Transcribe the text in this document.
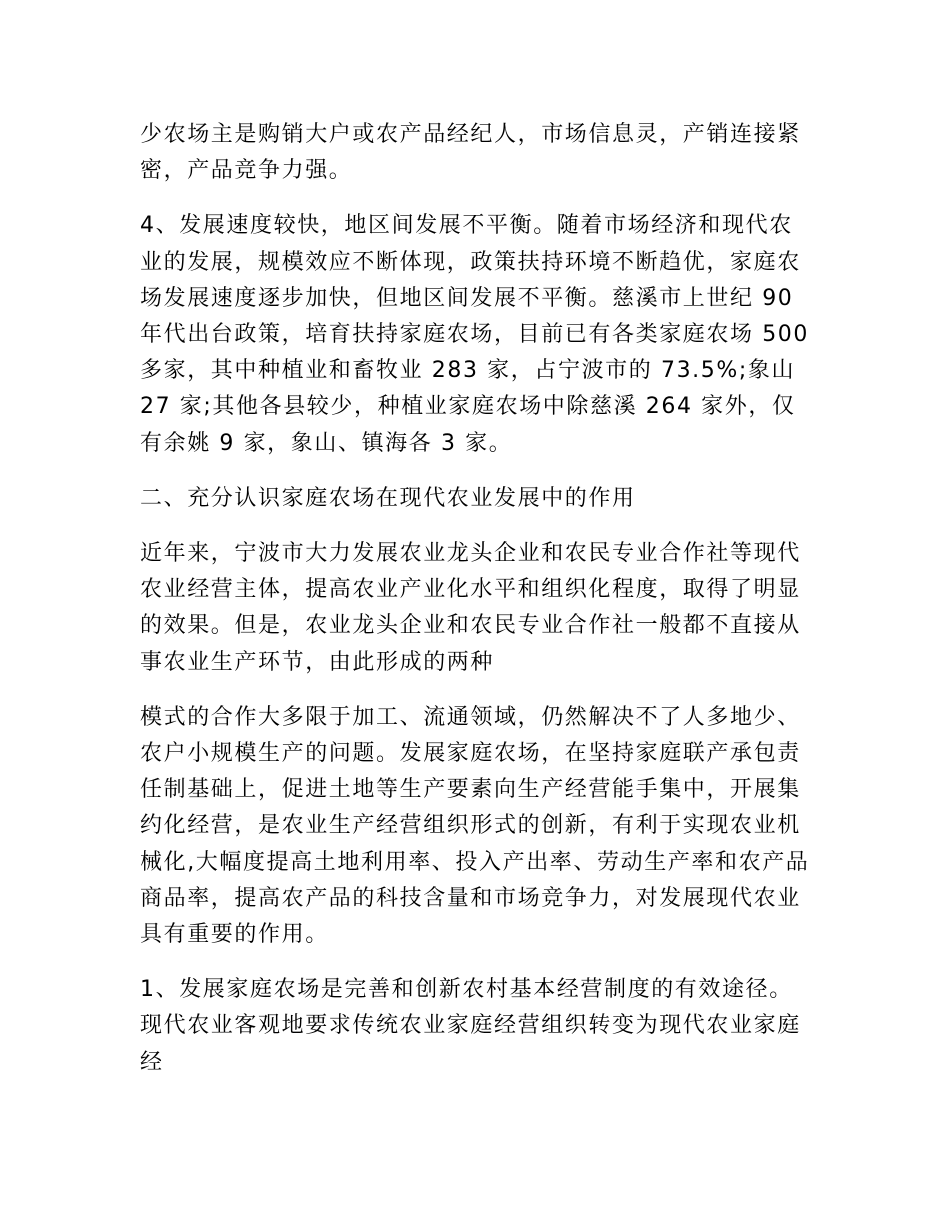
少农场主是购销大户或农产品经纪人，市场信息灵，产销连接紧密，产品竞争力强。

4、发展速度较快，地区间发展不平衡。随着市场经济和现代农业的发展，规模效应不断体现，政策扶持环境不断趋优，家庭农场发展速度逐步加快，但地区间发展不平衡。慈溪市上世纪 90 年代出台政策，培育扶持家庭农场，目前已有各类家庭农场 500 多家，其中种植业和畜牧业 283 家，占宁波市的 73.5%;象山 27 家;其他各县较少，种植业家庭农场中除慈溪 264 家外，仅有余姚 9 家，象山、镇海各 3 家。

二、充分认识家庭农场在现代农业发展中的作用

近年来，宁波市大力发展农业龙头企业和农民专业合作社等现代农业经营主体，提高农业产业化水平和组织化程度，取得了明显的效果。但是，农业龙头企业和农民专业合作社一般都不直接从事农业生产环节，由此形成的两种

模式的合作大多限于加工、流通领域，仍然解决不了人多地少、农户小规模生产的问题。发展家庭农场，在坚持家庭联产承包责任制基础上，促进土地等生产要素向生产经营能手集中，开展集约化经营，是农业生产经营组织形式的创新，有利于实现农业机械化,大幅度提高土地利用率、投入产出率、劳动生产率和农产品商品率，提高农产品的科技含量和市场竞争力，对发展现代农业具有重要的作用。

1、发展家庭农场是完善和创新农村基本经营制度的有效途径。 现代农业客观地要求传统农业家庭经营组织转变为现代农业家庭经
